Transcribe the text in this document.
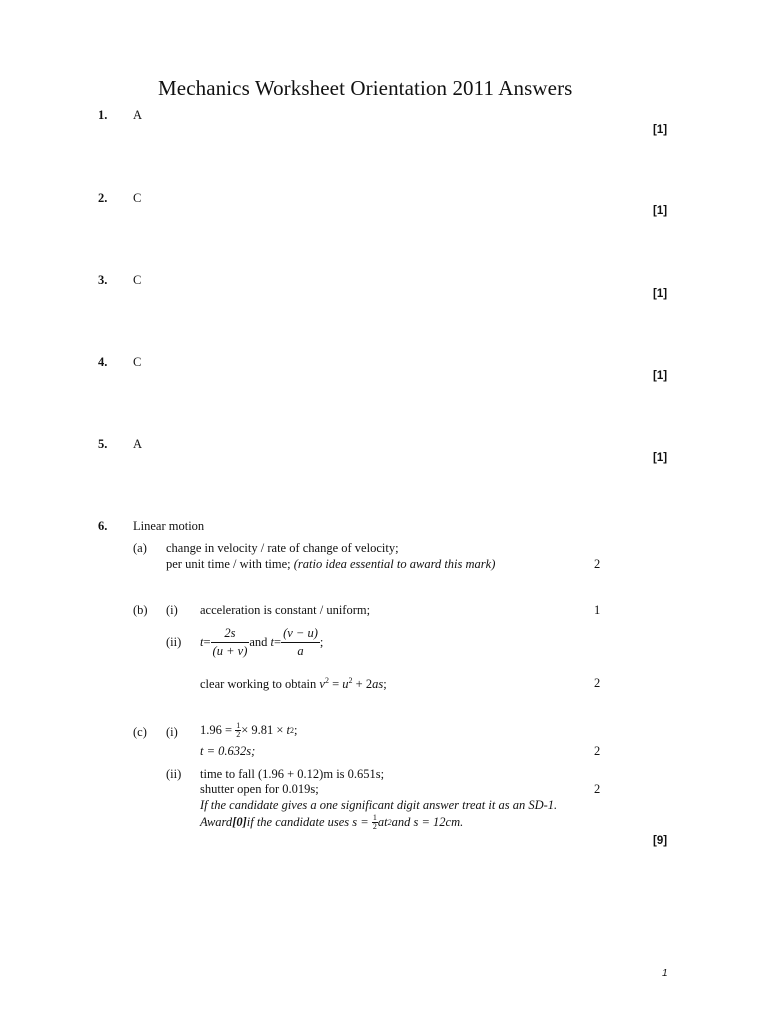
Mechanics Worksheet Orientation 2011 Answers
1. A
[1]
2. C
[1]
3. C
[1]
4. C
[1]
5. A
[1]
6. Linear motion
(a) change in velocity / rate of change of velocity;
per unit time / with time; (ratio idea essential to award this mark)	2
(b) (i) acceleration is constant / uniform;	1
(ii) $t = \frac{2s}{(u + v)}$ and
$t = \frac{(v - u)}{a}$ ;
clear working to obtain $v^2 = u^2 + 2as$;	2
(c) (i) 1.96 =
$\frac{1}{2} \times 9.81$ ×
t 2 ;
t = 0.632s;	2
(ii) time to fall (1.96 + 0.12)m is 0.651s;
shutter open for 0.019s;	2
If the candidate gives a one significant digit answer treat it as an SD-1.
Award [0] if the candidate uses s =
$\frac{1}{2}$ at 2 and s = 12cm.
[9]
1
